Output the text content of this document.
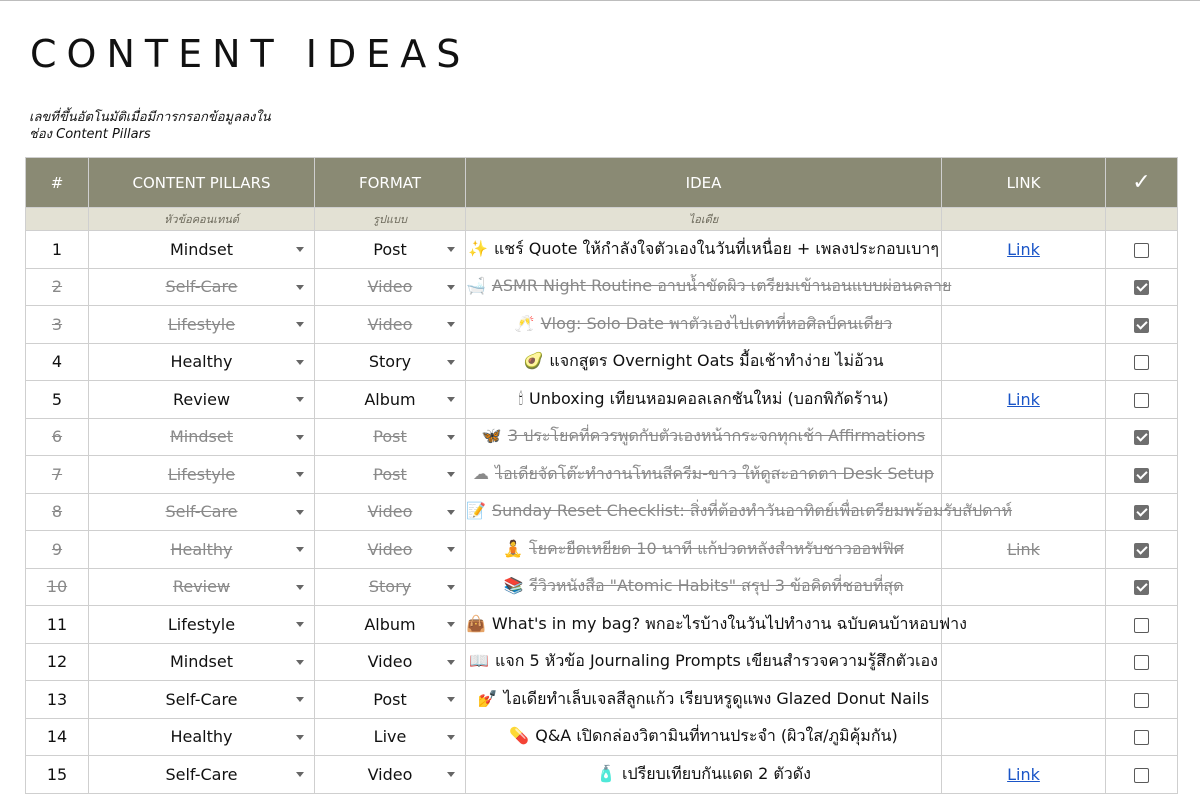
CONTENT IDEAS
เลขที่ขึ้นอัตโนมัติเมื่อมีการกรอกข้อมูลลงใน
ช่อง Content Pillars
#	CONTENT PILLARS	FORMAT	IDEA	LINK	✓
	หัวข้อคอนเทนต์	รูปแบบ	ไอเดีย		
1	Mindset	Post	✨ แชร์ Quote ให้กำลังใจตัวเองในวันที่เหนื่อย + เพลงประกอบเบาๆ	Link	
2	Self-Care	Video	🛁 ASMR Night Routine อาบน้ำขัดผิว เตรียมเข้านอนแบบผ่อนคลาย		
3	Lifestyle	Video	🥂 Vlog: Solo Date พาตัวเองไปเดทที่หอศิลป์คนเดียว		
4	Healthy	Story	🥑 แจกสูตร Overnight Oats มื้อเช้าทำง่าย ไม่อ้วน		
5	Review	Album	🕯 Unboxing เทียนหอมคอลเลกชันใหม่ (บอกพิกัดร้าน)	Link	
6	Mindset	Post	🦋 3 ประโยคที่ควรพูดกับตัวเองหน้ากระจกทุกเช้า Affirmations		
7	Lifestyle	Post	☁ ไอเดียจัดโต๊ะทำงานโทนสีครีม-ขาว ให้ดูสะอาดตา Desk Setup		
8	Self-Care	Video	📝 Sunday Reset Checklist: สิ่งที่ต้องทำวันอาทิตย์เพื่อเตรียมพร้อมรับสัปดาห์		
9	Healthy	Video	🧘 โยคะยืดเหยียด 10 นาที แก้ปวดหลังสำหรับชาวออฟฟิศ	Link	
10	Review	Story	📚 รีวิวหนังสือ "Atomic Habits" สรุป 3 ข้อคิดที่ชอบที่สุด		
11	Lifestyle	Album	👜 What's in my bag? พกอะไรบ้างในวันไปทำงาน ฉบับคนบ้าหอบฟาง		
12	Mindset	Video	📖 แจก 5 หัวข้อ Journaling Prompts เขียนสำรวจความรู้สึกตัวเอง		
13	Self-Care	Post	💅 ไอเดียทำเล็บเจลสีลูกแก้ว เรียบหรูดูแพง Glazed Donut Nails		
14	Healthy	Live	💊 Q&A เปิดกล่องวิตามินที่ทานประจำ (ผิวใส/ภูมิคุ้มกัน)		
15	Self-Care	Video	🧴 เปรียบเทียบกันแดด 2 ตัวดัง	Link	
